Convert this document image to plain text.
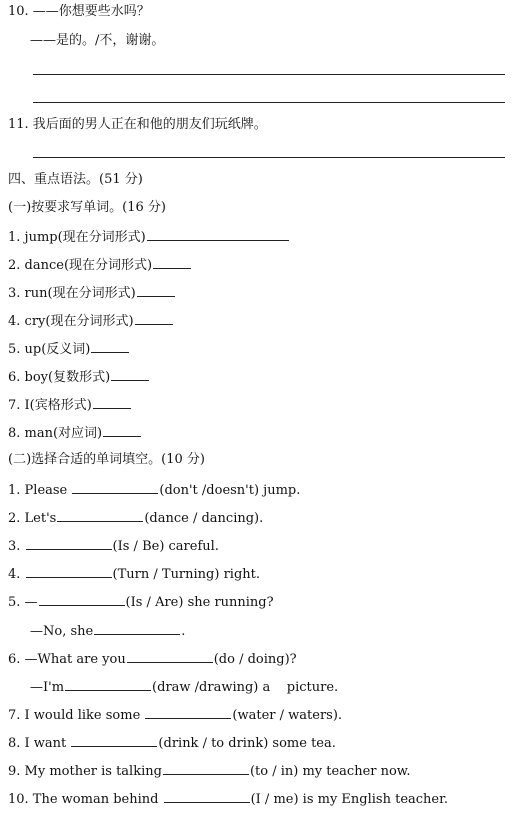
10. ——你想要些水吗？
——是的。/不，谢谢。
11. 我后面的男人正在和他的朋友们玩纸牌。
四、重点语法。(51 分)
(一)按要求写单词。(16 分)
1. jump(现在分词形式)
2. dance(现在分词形式)
3. run(现在分词形式)
4. cry(现在分词形式)
5. up(反义词)
6. boy(复数形式)
7. I(宾格形式)
8. man(对应词)
(二)选择合适的单词填空。(10 分)
1. Please	(don't /doesn't) jump.
2. Let's	(dance / dancing).
3.	(Is / Be) careful.
4.	(Turn / Turning) right.
5. —	(Is / Are) she running?
—No, she	.
6. —What are you	(do / doing)?
—I'm	(draw /drawing) a    picture.
7. I would like some	(water / waters).
8. I want	(drink / to drink) some tea.
9. My mother is talking	(to / in) my teacher now.
10. The woman behind	(I / me) is my English teacher.
